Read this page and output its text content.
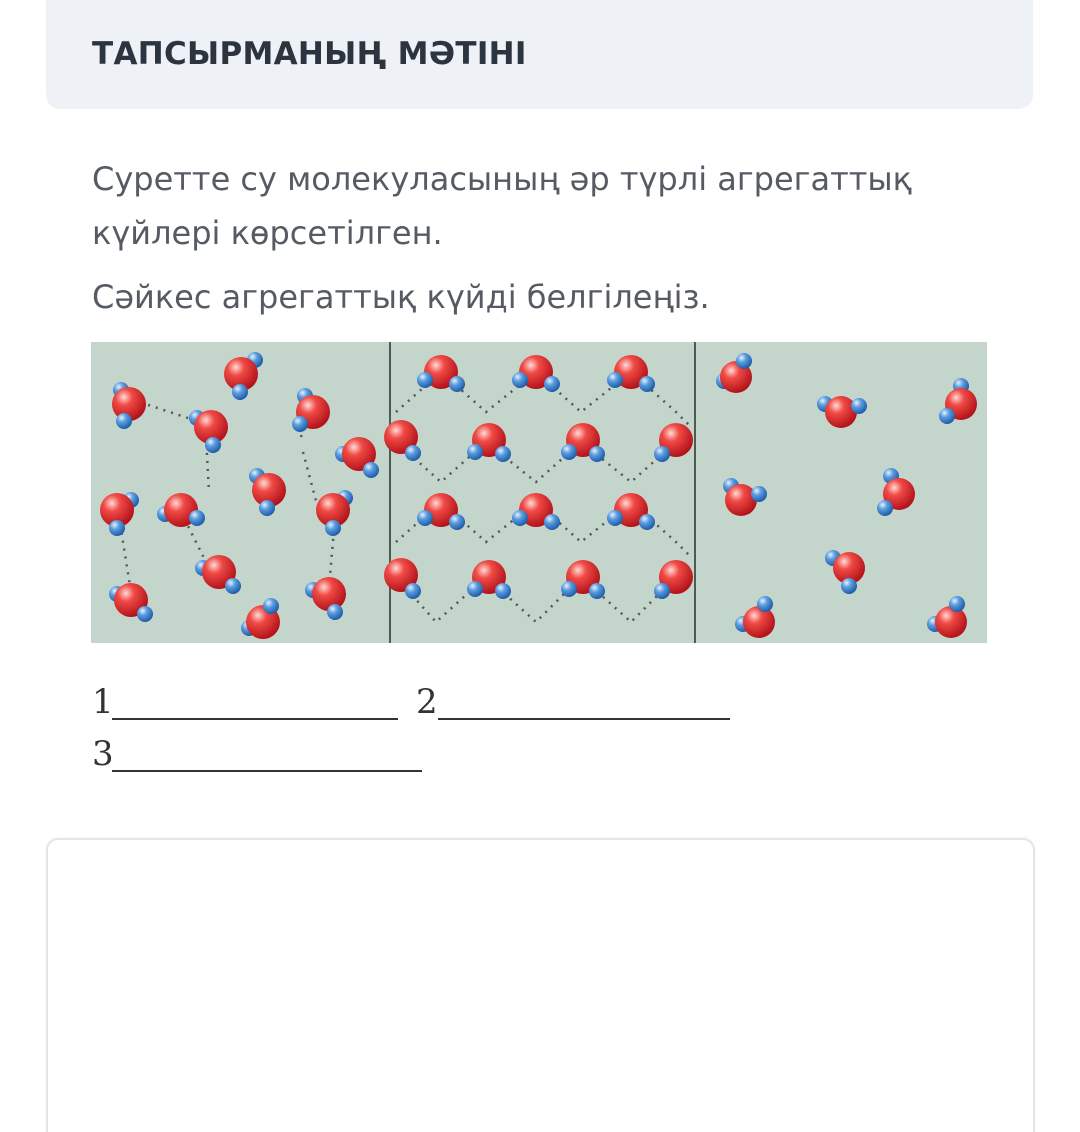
ТАПСЫРМАНЫҢ МӘТІНІ

Суретте су молекуласының әр түрлі агрегаттық күйлері көрсетілген.

Сәйкес агрегаттық күйді белгілеңіз.

1	2
3
